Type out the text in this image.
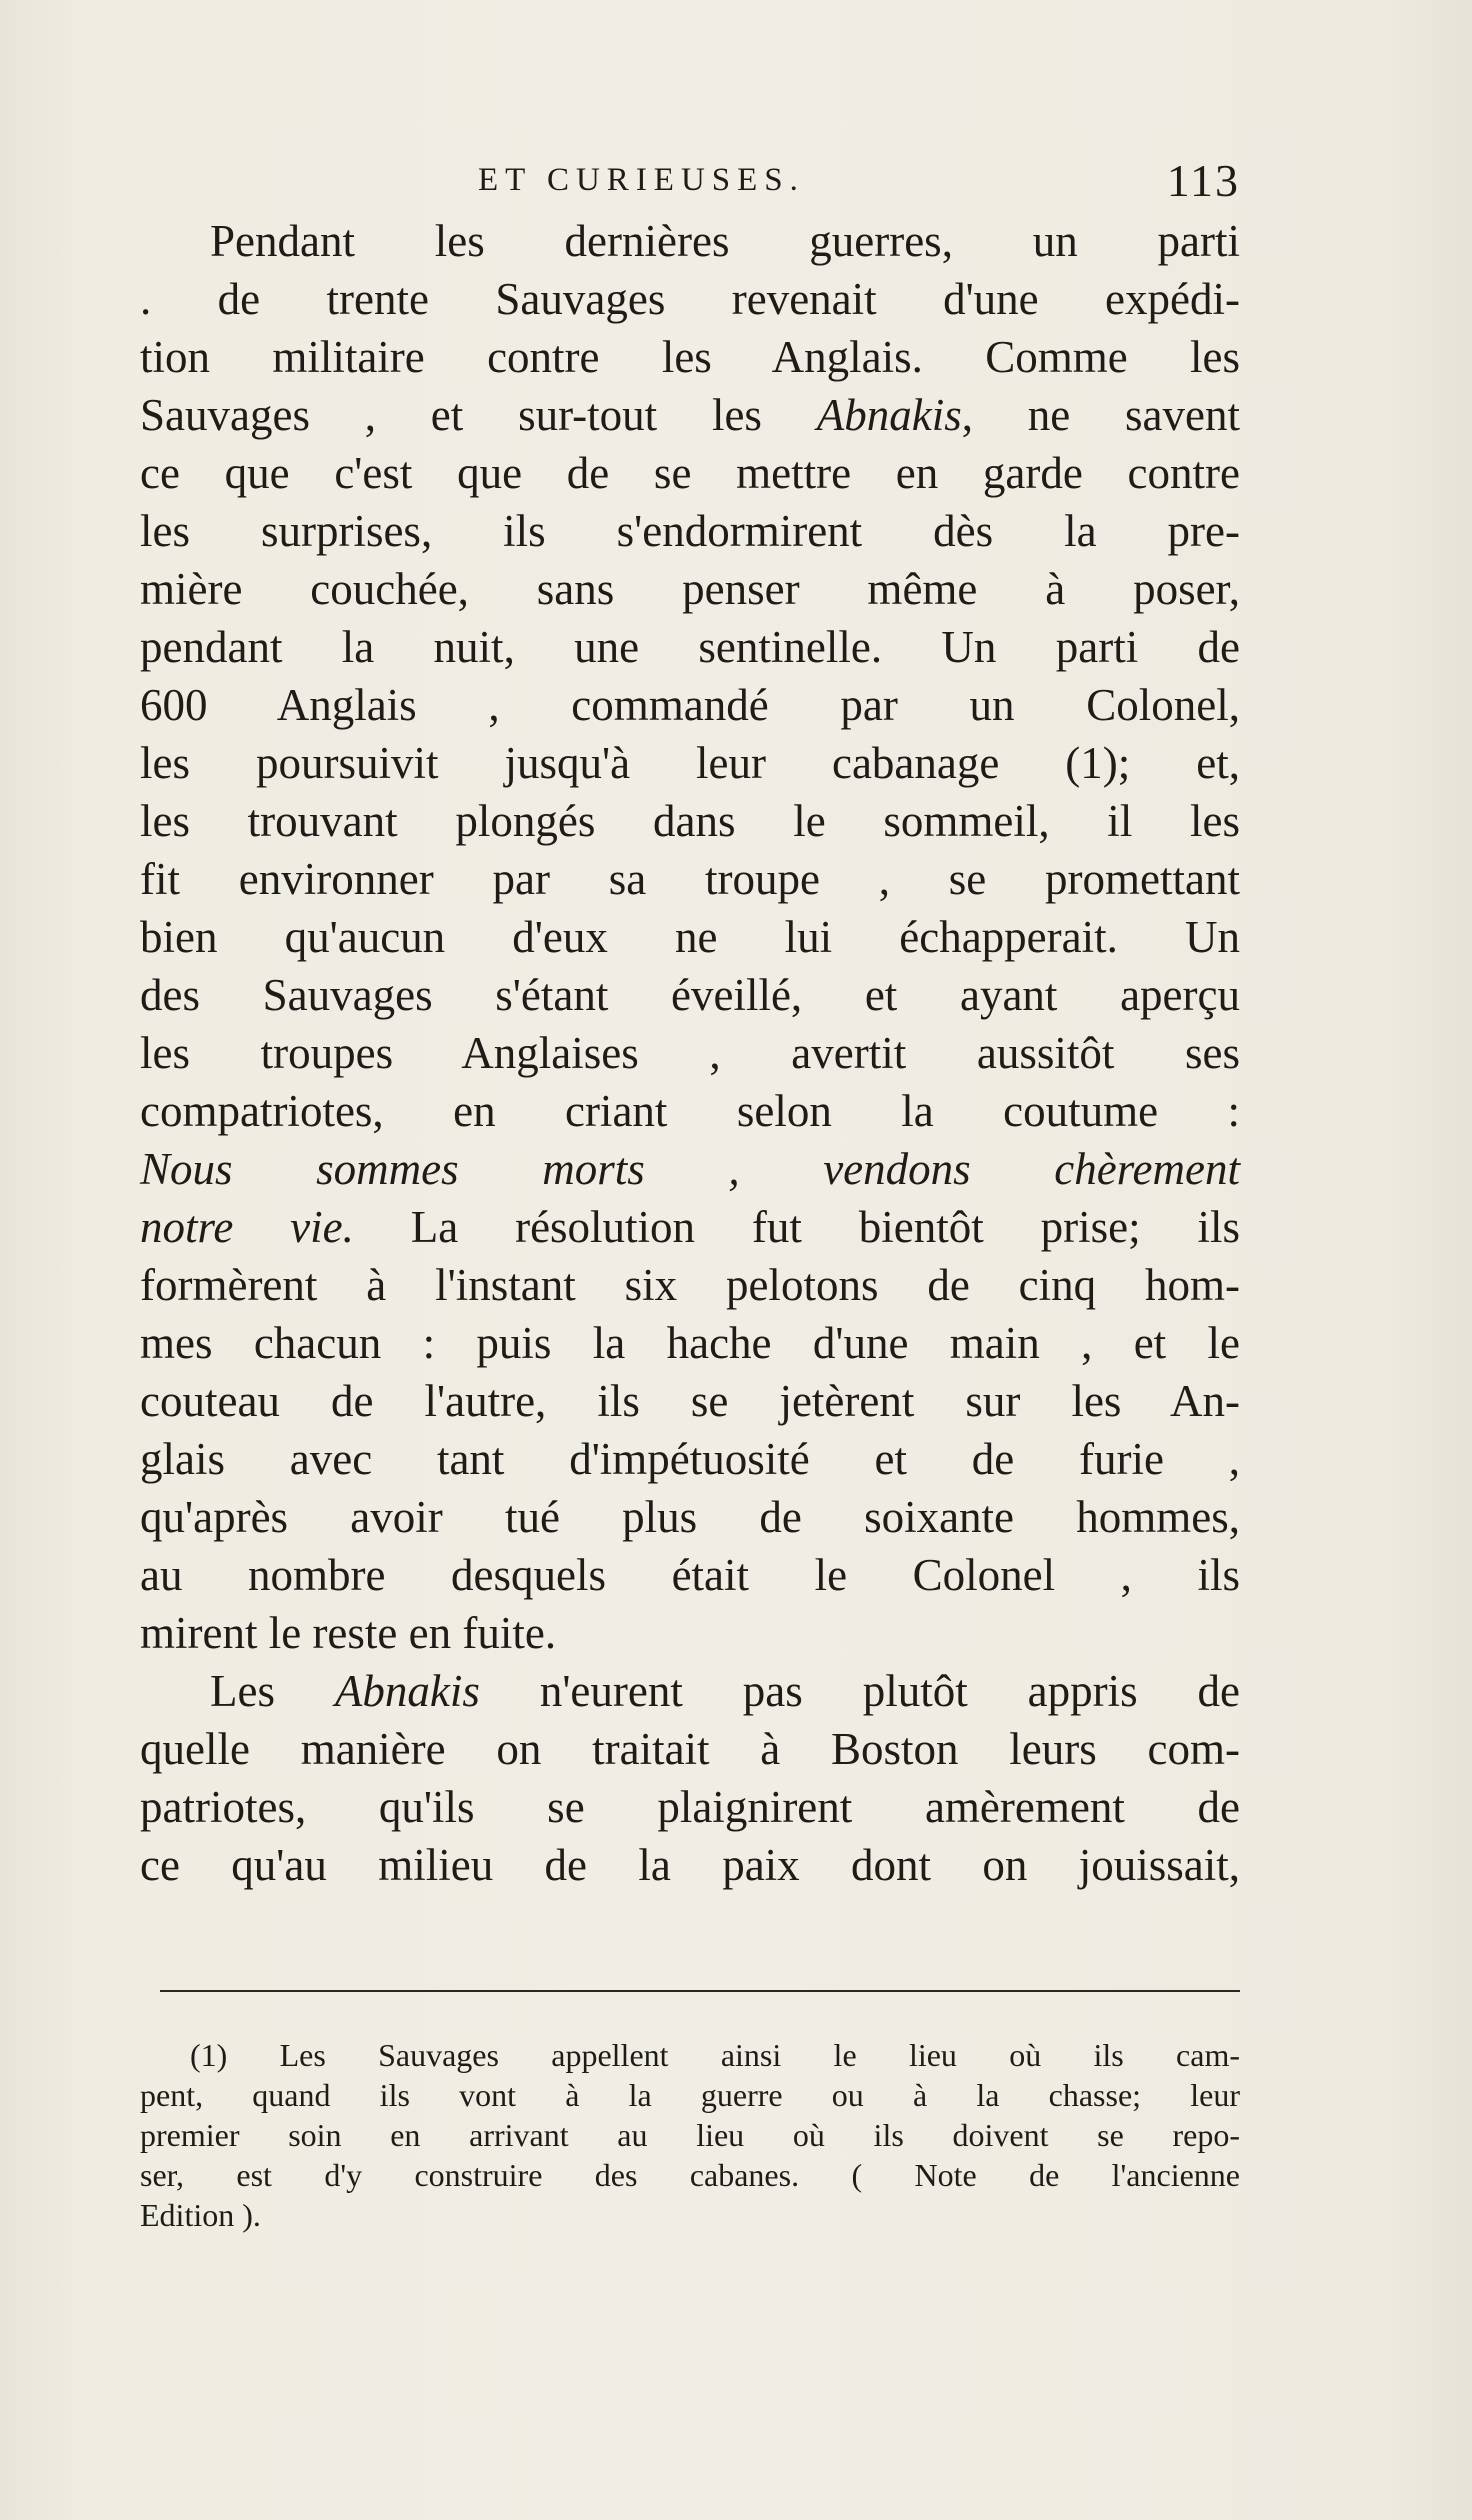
ET CURIEUSES.	113
Pendant les dernières guerres, un parti
. de trente Sauvages revenait d'une expédi-
tion militaire contre les Anglais. Comme les
Sauvages , et sur-tout les Abnakis, ne savent
ce que c'est que de se mettre en garde contre
les surprises, ils s'endormirent dès la pre-
mière couchée, sans penser même à poser,
pendant la nuit, une sentinelle. Un parti de
600 Anglais , commandé par un Colonel,
les poursuivit jusqu'à leur cabanage (1); et,
les trouvant plongés dans le sommeil, il les
fit environner par sa troupe , se promettant
bien qu'aucun d'eux ne lui échapperait. Un
des Sauvages s'étant éveillé, et ayant aperçu
les troupes Anglaises , avertit aussitôt ses
compatriotes, en criant selon la coutume :
Nous sommes morts , vendons chèrement
notre vie. La résolution fut bientôt prise; ils
formèrent à l'instant six pelotons de cinq hom-
mes chacun : puis la hache d'une main , et le
couteau de l'autre, ils se jetèrent sur les An-
glais avec tant d'impétuosité et de furie ,
qu'après avoir tué plus de soixante hommes,
au nombre desquels était le Colonel , ils
mirent le reste en fuite.
Les Abnakis n'eurent pas plutôt appris de
quelle manière on traitait à Boston leurs com-
patriotes, qu'ils se plaignirent amèrement de
ce qu'au milieu de la paix dont on jouissait,
(1) Les Sauvages appellent ainsi le lieu où ils cam-
pent, quand ils vont à la guerre ou à la chasse; leur
premier soin en arrivant au lieu où ils doivent se repo-
ser, est d'y construire des cabanes. ( Note de l'ancienne
Edition ).
